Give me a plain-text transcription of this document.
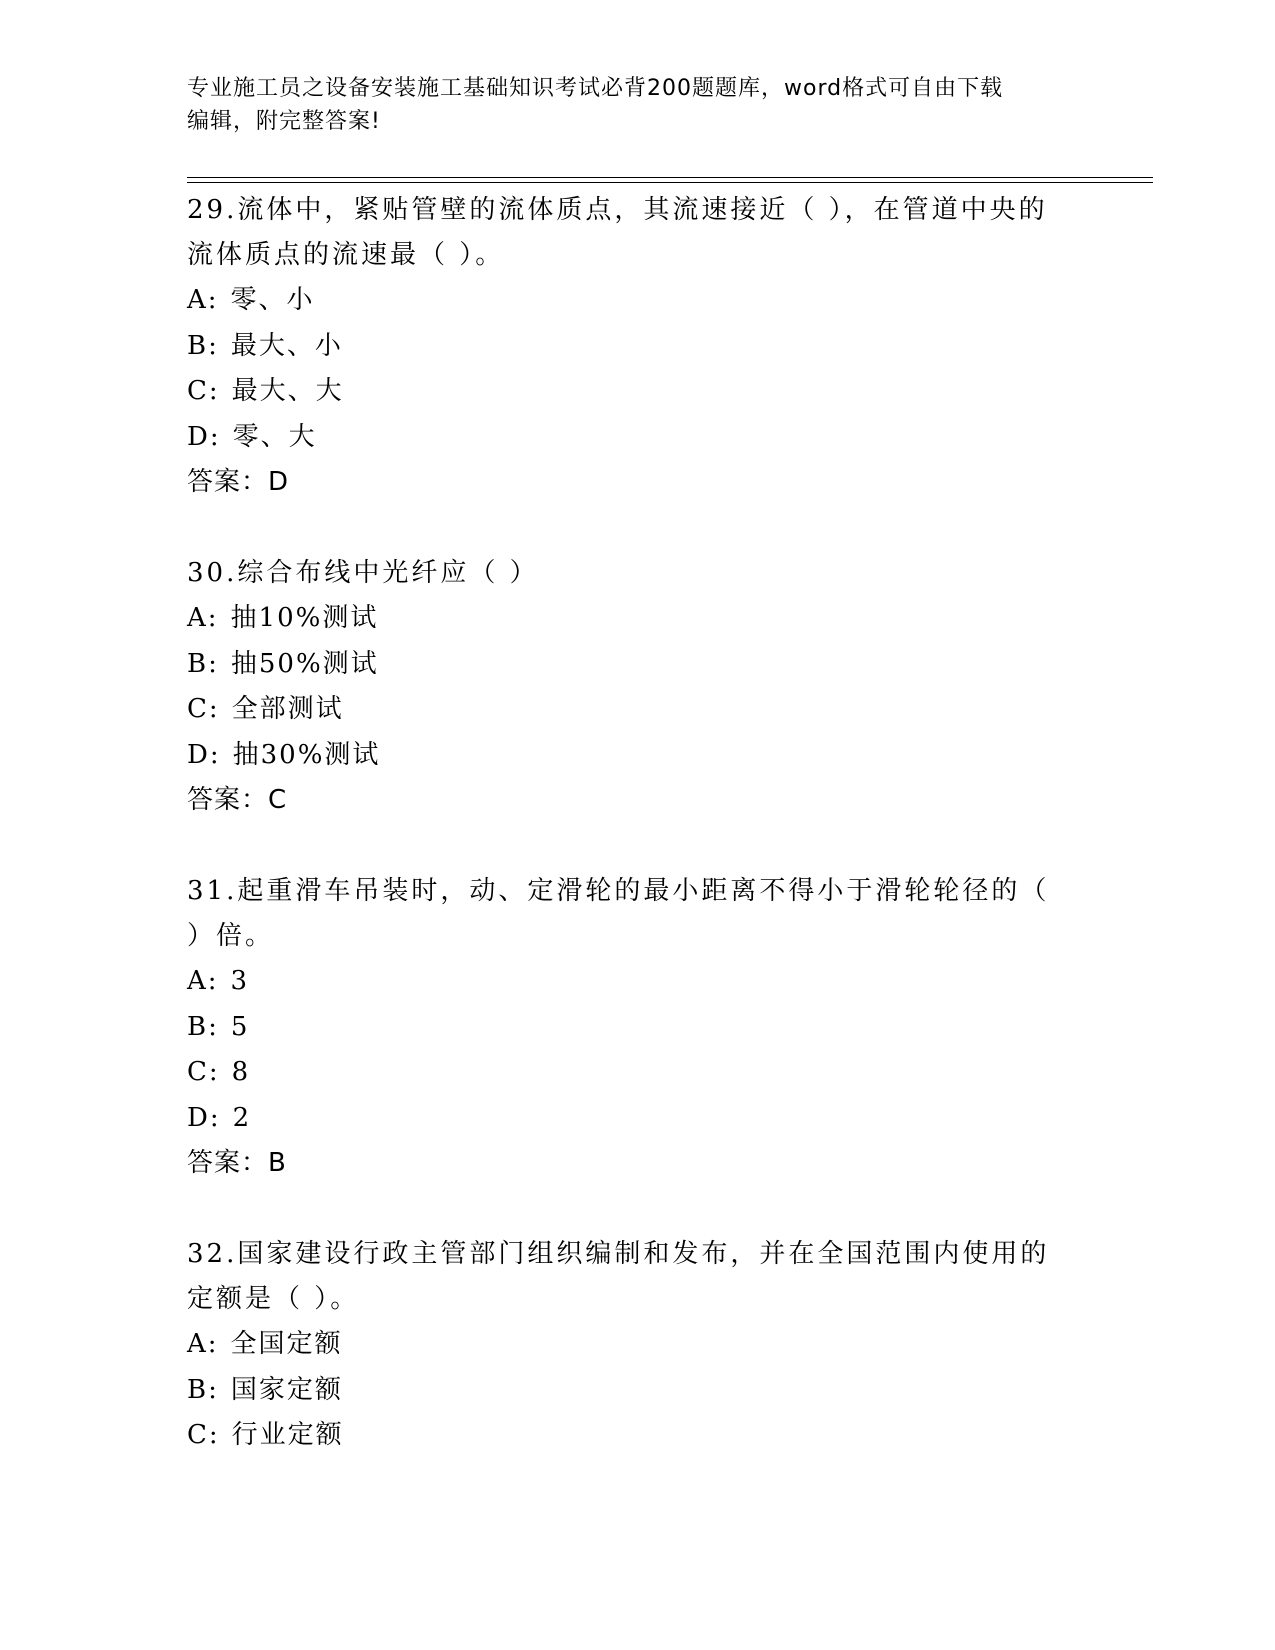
专业施工员之设备安装施工基础知识考试必背200题题库，word格式可自由下载
编辑，附完整答案!
29.流体中，紧贴管壁的流体质点，其流速接近（ ），在管道中央的流体质点的流速最（ ）。
A: 零、小
B: 最大、小
C: 最大、大
D: 零、大
答案：D
30.综合布线中光纤应（ ）
A: 抽10%测试
B: 抽50%测试
C: 全部测试
D: 抽30%测试
答案：C
31.起重滑车吊装时，动、定滑轮的最小距离不得小于滑轮轮径的（ ）倍。
A: 3
B: 5
C: 8
D: 2
答案：B
32.国家建设行政主管部门组织编制和发布，并在全国范围内使用的定额是（ ）。
A: 全国定额
B: 国家定额
C: 行业定额
